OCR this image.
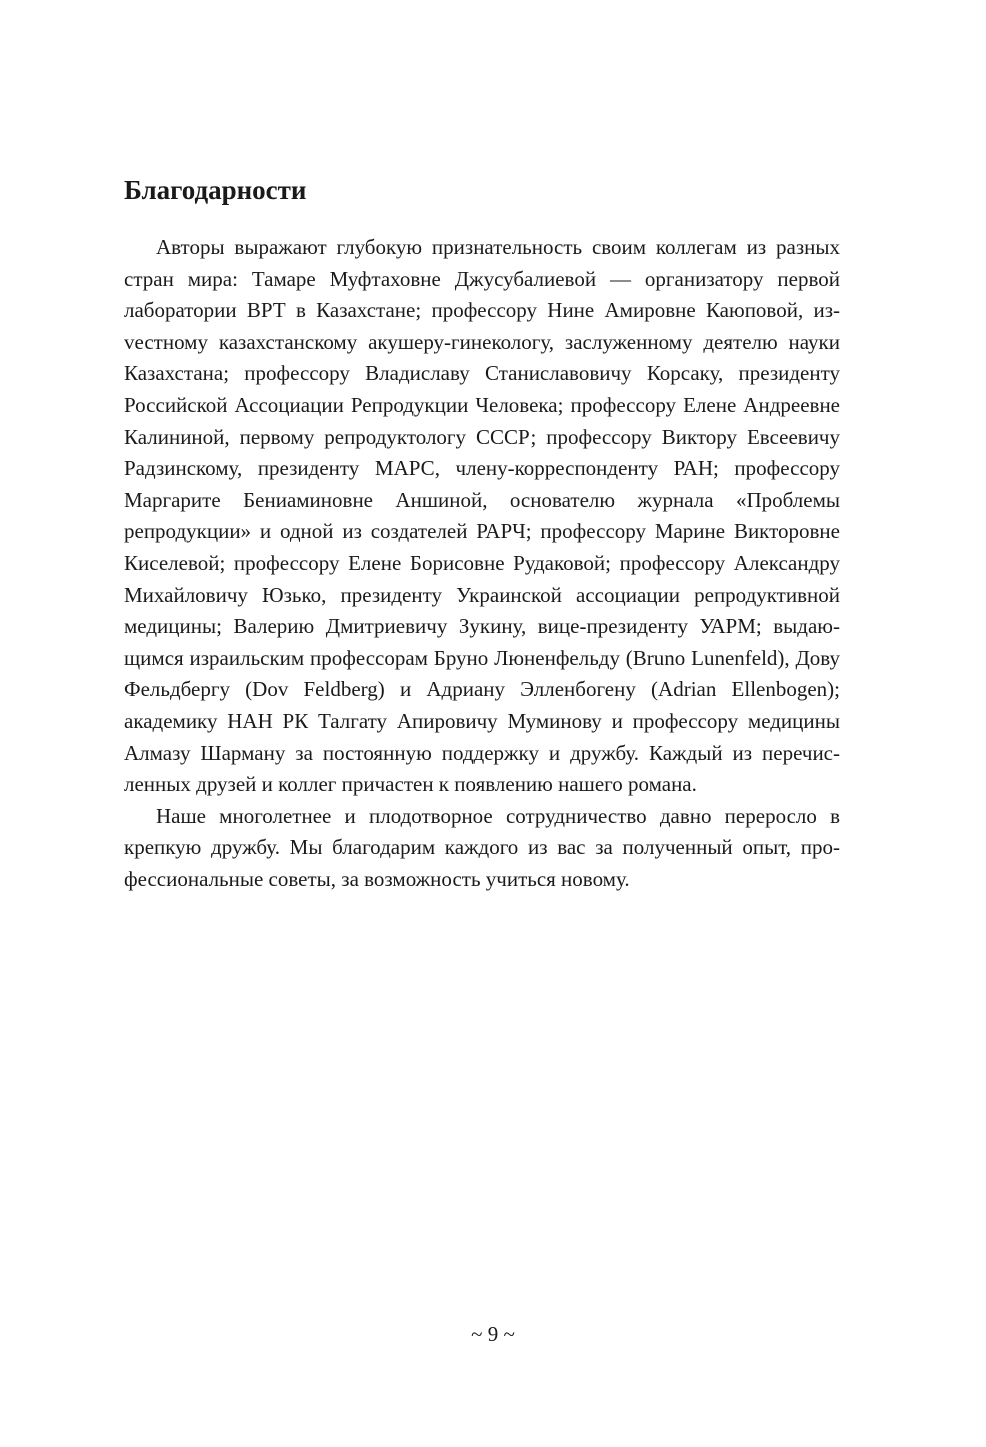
Благодарности

Авторы выражают глубокую признательность своим коллегам из разных стран мира: Тамаре Муфтаховне Джусубалиевой — организатору первой лаборатории ВРТ в Казахстане; профессору Нине Амировне Каюповой, изvестному казахстанскому акушеру-гинекологу, заслуженному деятелю науки Казахстана; профессору Владиславу Станиславовичу Корсаку, президенту Российской Ассоциации Репродукции Человека; профессору Елене Андреевне Калининой, первому репродуктологу СССР; профессору Виктору Евсеевичу Радзинскому, президенту МАРС, члену-корреспонденту РАН; профессору Маргарите Бениаминовне Аншиной, основателю журнала «Проблемы репродукции» и одной из создателей РАРЧ; профессору Марине Викторовне Киселевой; профессору Елене Борисовне Рудаковой; профессору Александру Михайловичу Юзько, президенту Украинской ассоциации репродуктивной медицины; Валерию Дмитриевичу Зукину, вице-президенту УАРМ; выдающимся израильским профессорам Бруно Люненфельду (Bruno Lunenfeld), Дову Фельдбергу (Dov Feldberg) и Адриану Элленбогену (Adrian Ellenbogen); академику НАН РК Талгату Апировичу Муминову и профессору медицины Алмазу Шарману за постоянную поддержку и дружбу. Каждый из перечисленных друзей и коллег причастен к появлению нашего романа.

Наше многолетнее и плодотворное сотрудничество давно переросло в крепкую дружбу. Мы благодарим каждого из вас за полученный опыт, профессиональные советы, за возможность учиться новому.

~ 9 ~
